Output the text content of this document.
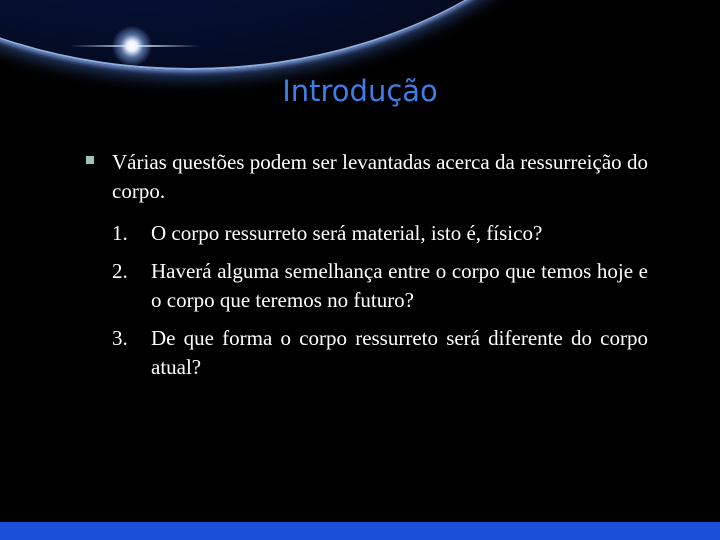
Introdução
Várias questões podem ser levantadas acerca da ressurreição do corpo.
1. O corpo ressurreto será material, isto é, físico?
2. Haverá alguma semelhança entre o corpo que temos hoje e o corpo que teremos no futuro?
3. De que forma o corpo ressurreto será diferente do corpo atual?
